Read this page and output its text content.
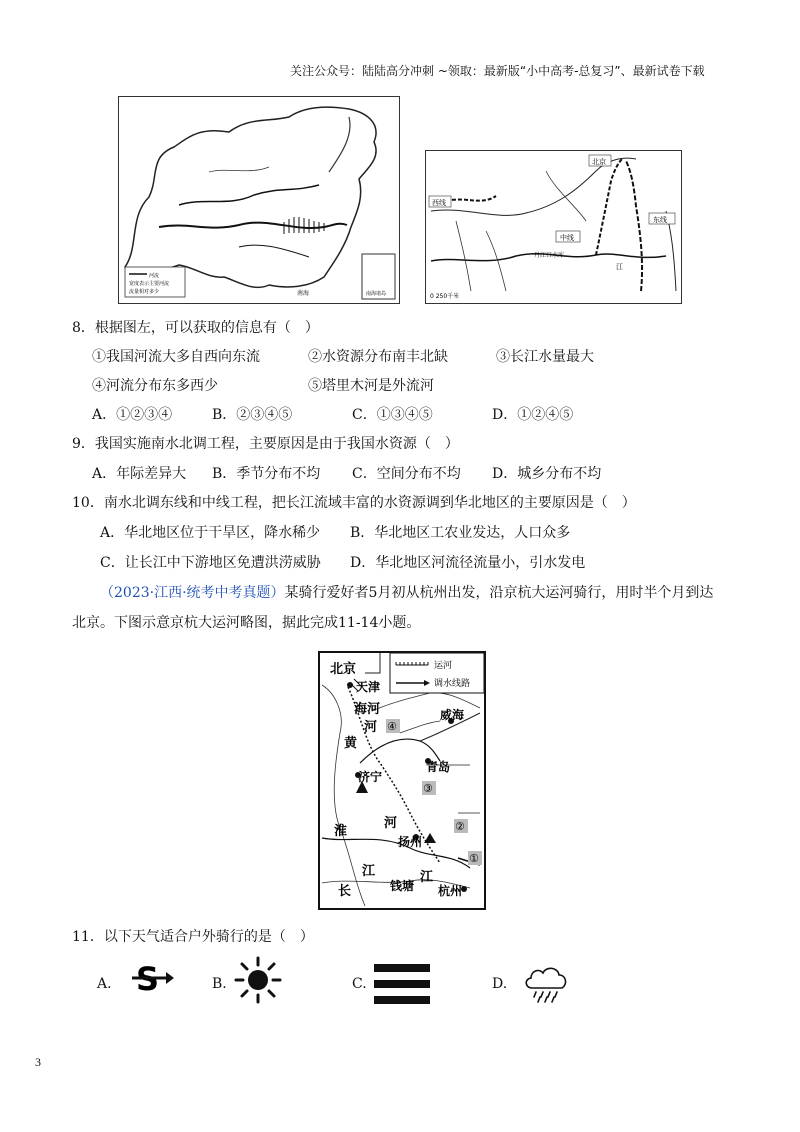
关注公众号：陆陆高分冲刺 ~领取：最新版“小中高考-总复习”、最新试卷下载
河流
宽度表示主要河流
流量相对多少	南海	南海诸岛
北京
西线
中线
东线
丹江口水库
江
0 250千米
8．根据图左，可以获取的信息有（　）
①我国河流大多自西向东流	②水资源分布南丰北缺	③长江水量最大
④河流分布东多西少	⑤塔里木河是外流河
A．①②③④	B．②③④⑤	C．①③④⑤	D．①②④⑤
9．我国实施南水北调工程，主要原因是由于我国水资源（　）
A．年际差异大 B．季节分布不均 C．空间分布不均 D．城乡分布不均
10．南水北调东线和中线工程，把长江流域丰富的水资源调到华北地区的主要原因是（　）
A．华北地区位于干旱区，降水稀少 B．华北地区工农业发达，人口众多
C．让长江中下游地区免遭洪涝威胁 D．华北地区河流径流量小，引水发电
（2023·江西·统考中考真题）某骑行爱好者5月初从杭州出发，沿京杭大运河骑行，用时半个月到达
北京。下图示意京杭大运河略图，据此完成11-14小题。
运河
调水线路
北京
天津
海河
河
黄
威海
青岛
济宁
淮
河
扬州
江	江
长	钱塘 杭州
④
③
②
①
11．以下天气适合户外骑行的是（　）
A. S	B.	C.	D.
3
